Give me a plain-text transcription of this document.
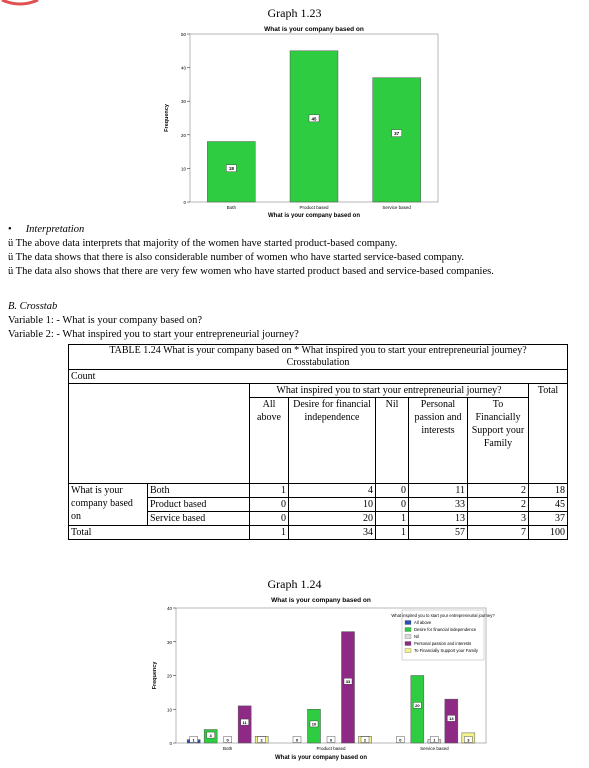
Graph 1.23
What is your company based on
0
10
20
30
40
50
Frequency
18
Both
45
Product based
37
Service based
What is your company based on
• Interpretation
ü The above data interprets that majority of the women have started product-based company.
ü The data shows that there is also considerable number of women who have started service-based company.
ü The data also shows that there are very few women who have started product based and service-based companies.
B. Crosstab
Variable 1: - What is your company based on?
Variable 2: - What inspired you to start your entrepreneurial journey?
TABLE 1.24 What is your company based on * What inspired you to start your entrepreneurial journey?
Crosstabulation							

Count							
		What inspired you to start your entrepreneurial journey?					Total
		All above	Desire for financial independence	Nil	Personal passion and interests	To Financially Support your Family	
What is your company based on	Both	1	4	0	11	2	18
	Product based	0	10	0	33	2	45
	Service based	0	20	1	13	3	37
Total		1	34	1	57	7	100
Graph 1.24
What is your company based on
0
10
20
30
40
Frequency
1
4
0
11
2
Both
0
10
0
33
2
Product based
0
20
1
13
3
Service based
What is your company based on
What inspired you to start your entrepreneurial journey?
All above
Desire for financial independence
Nil
Personal passion and interests
To Financially Support your Family
